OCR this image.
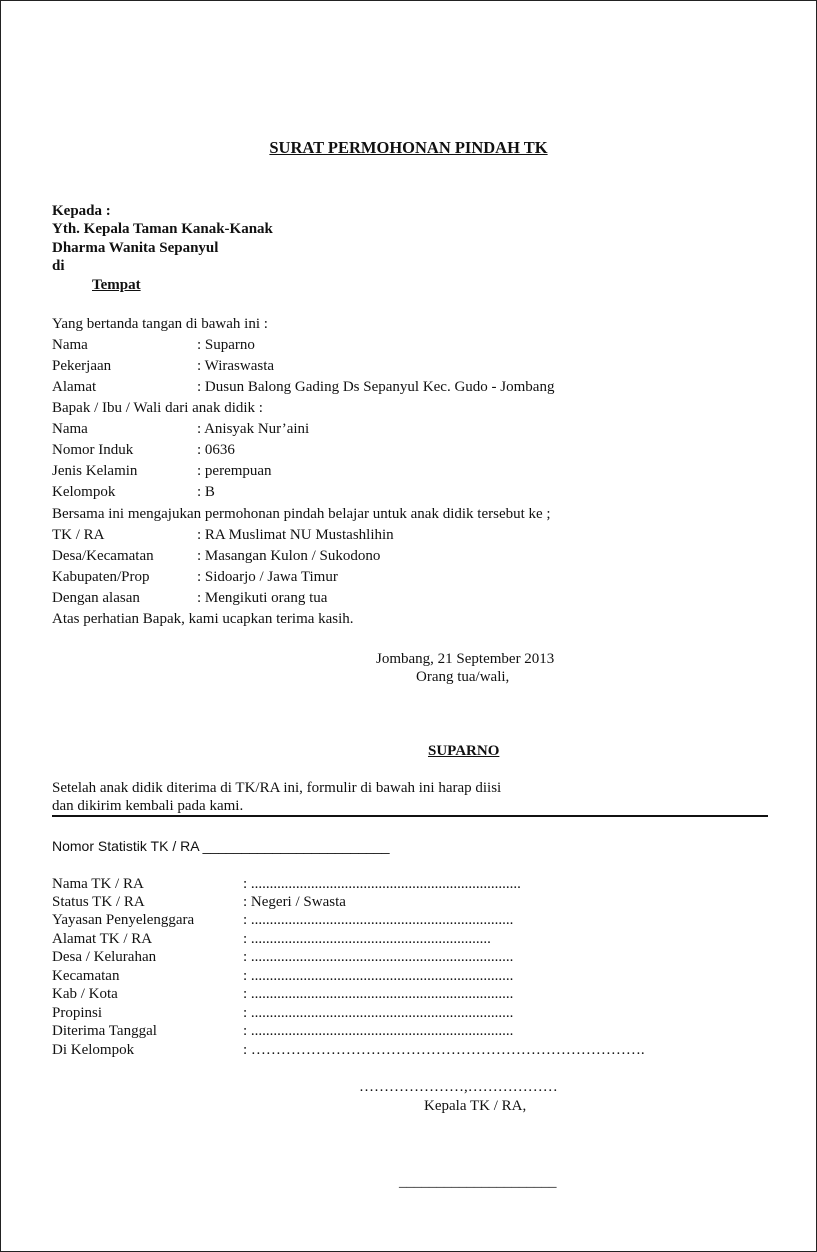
SURAT PERMOHONAN PINDAH TK
Kepada :
Yth. Kepala Taman Kanak-Kanak
Dharma Wanita Sepanyul
di
Tempat
Yang bertanda tangan di bawah ini :
Nama	: Suparno
Pekerjaan	: Wiraswasta
Alamat	: Dusun Balong Gading Ds Sepanyul Kec. Gudo - Jombang
Bapak / Ibu / Wali dari anak didik :
Nama	: Anisyak Nur’aini
Nomor Induk	: 0636
Jenis Kelamin	: perempuan
Kelompok	: B
Bersama ini mengajukan permohonan pindah belajar untuk anak didik tersebut ke ;
TK / RA	: RA Muslimat NU Mustashlihin
Desa/Kecamatan	: Masangan Kulon / Sukodono
Kabupaten/Prop	: Sidoarjo / Jawa Timur
Dengan alasan	: Mengikuti orang tua
Atas perhatian Bapak, kami ucapkan terima kasih.
Jombang, 21 September 2013
Orang tua/wali,
SUPARNO
Setelah anak didik diterima di TK/RA ini, formulir di bawah ini harap diisi
dan dikirim kembali pada kami.
Nomor Statistik TK / RA ________________________
Nama TK / RA	: ........................................................................
Status TK / RA	: Negeri / Swasta
Yayasan Penyelenggara	: ......................................................................
Alamat TK / RA	: ................................................................
Desa / Kelurahan	: ......................................................................
Kecamatan	: ......................................................................
Kab / Kota	: ......................................................................
Propinsi	: ......................................................................
Diterima Tanggal	: ......................................................................
Di Kelompok	: …………………………………………………………………….
…………………,………………
Kepala TK / RA,
_____________________
